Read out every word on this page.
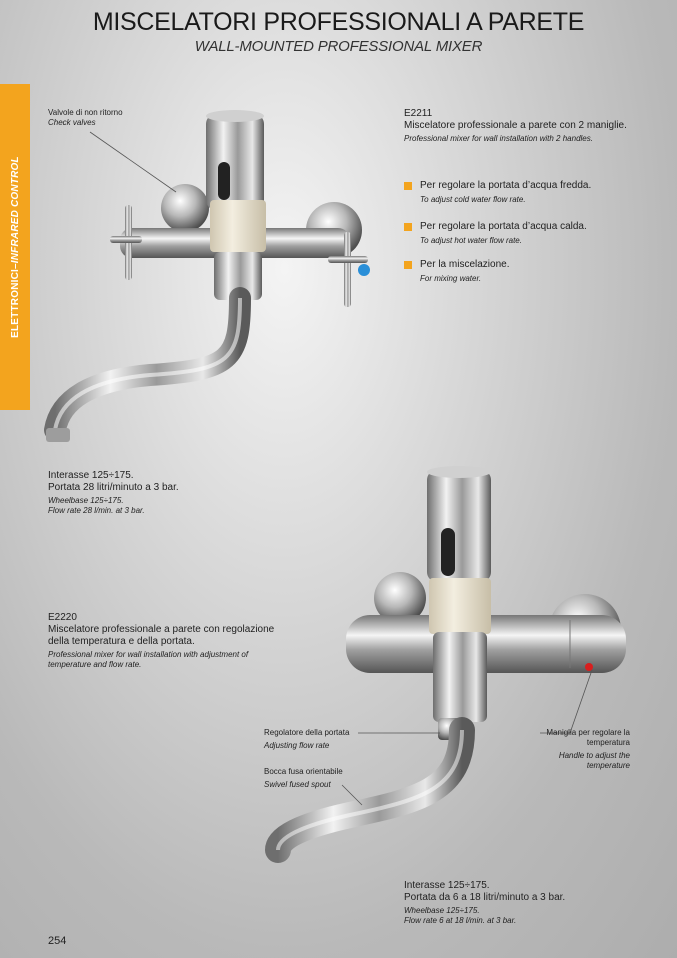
MISCELATORI PROFESSIONALI A PARETE
WALL-MOUNTED PROFESSIONAL MIXER
ELETTRONICI
–
INFRARED CONTROL
Valvole di non ritorno
Check valves
E2211
Miscelatore professionale a parete con 2 maniglie.
Professional mixer for wall installation with 2 handles.
Per regolare la portata d’acqua fredda.
To adjust cold water flow rate.
Per regolare la portata d’acqua calda.
To adjust hot water flow rate.
Per la miscelazione.
For mixing water.
Interasse 125÷175.
Portata 28 litri/minuto a 3 bar.
Wheelbase 125÷175.
Flow rate 28 l/min. at 3 bar.
E2220
Miscelatore professionale a parete con regolazione
della temperatura e della portata.
Professional mixer for wall installation with adjustment of
temperature and flow rate.
Regolatore della portata
Adjusting flow rate
Bocca fusa orientabile
Swivel fused spout
Maniglia per regolare la
temperatura
Handle to adjust the
temperature
Interasse 125÷175.
Portata da 6 a 18 litri/minuto a 3 bar.
Wheelbase 125÷175.
Flow rate 6 at 18 l/min. at 3 bar.
254
